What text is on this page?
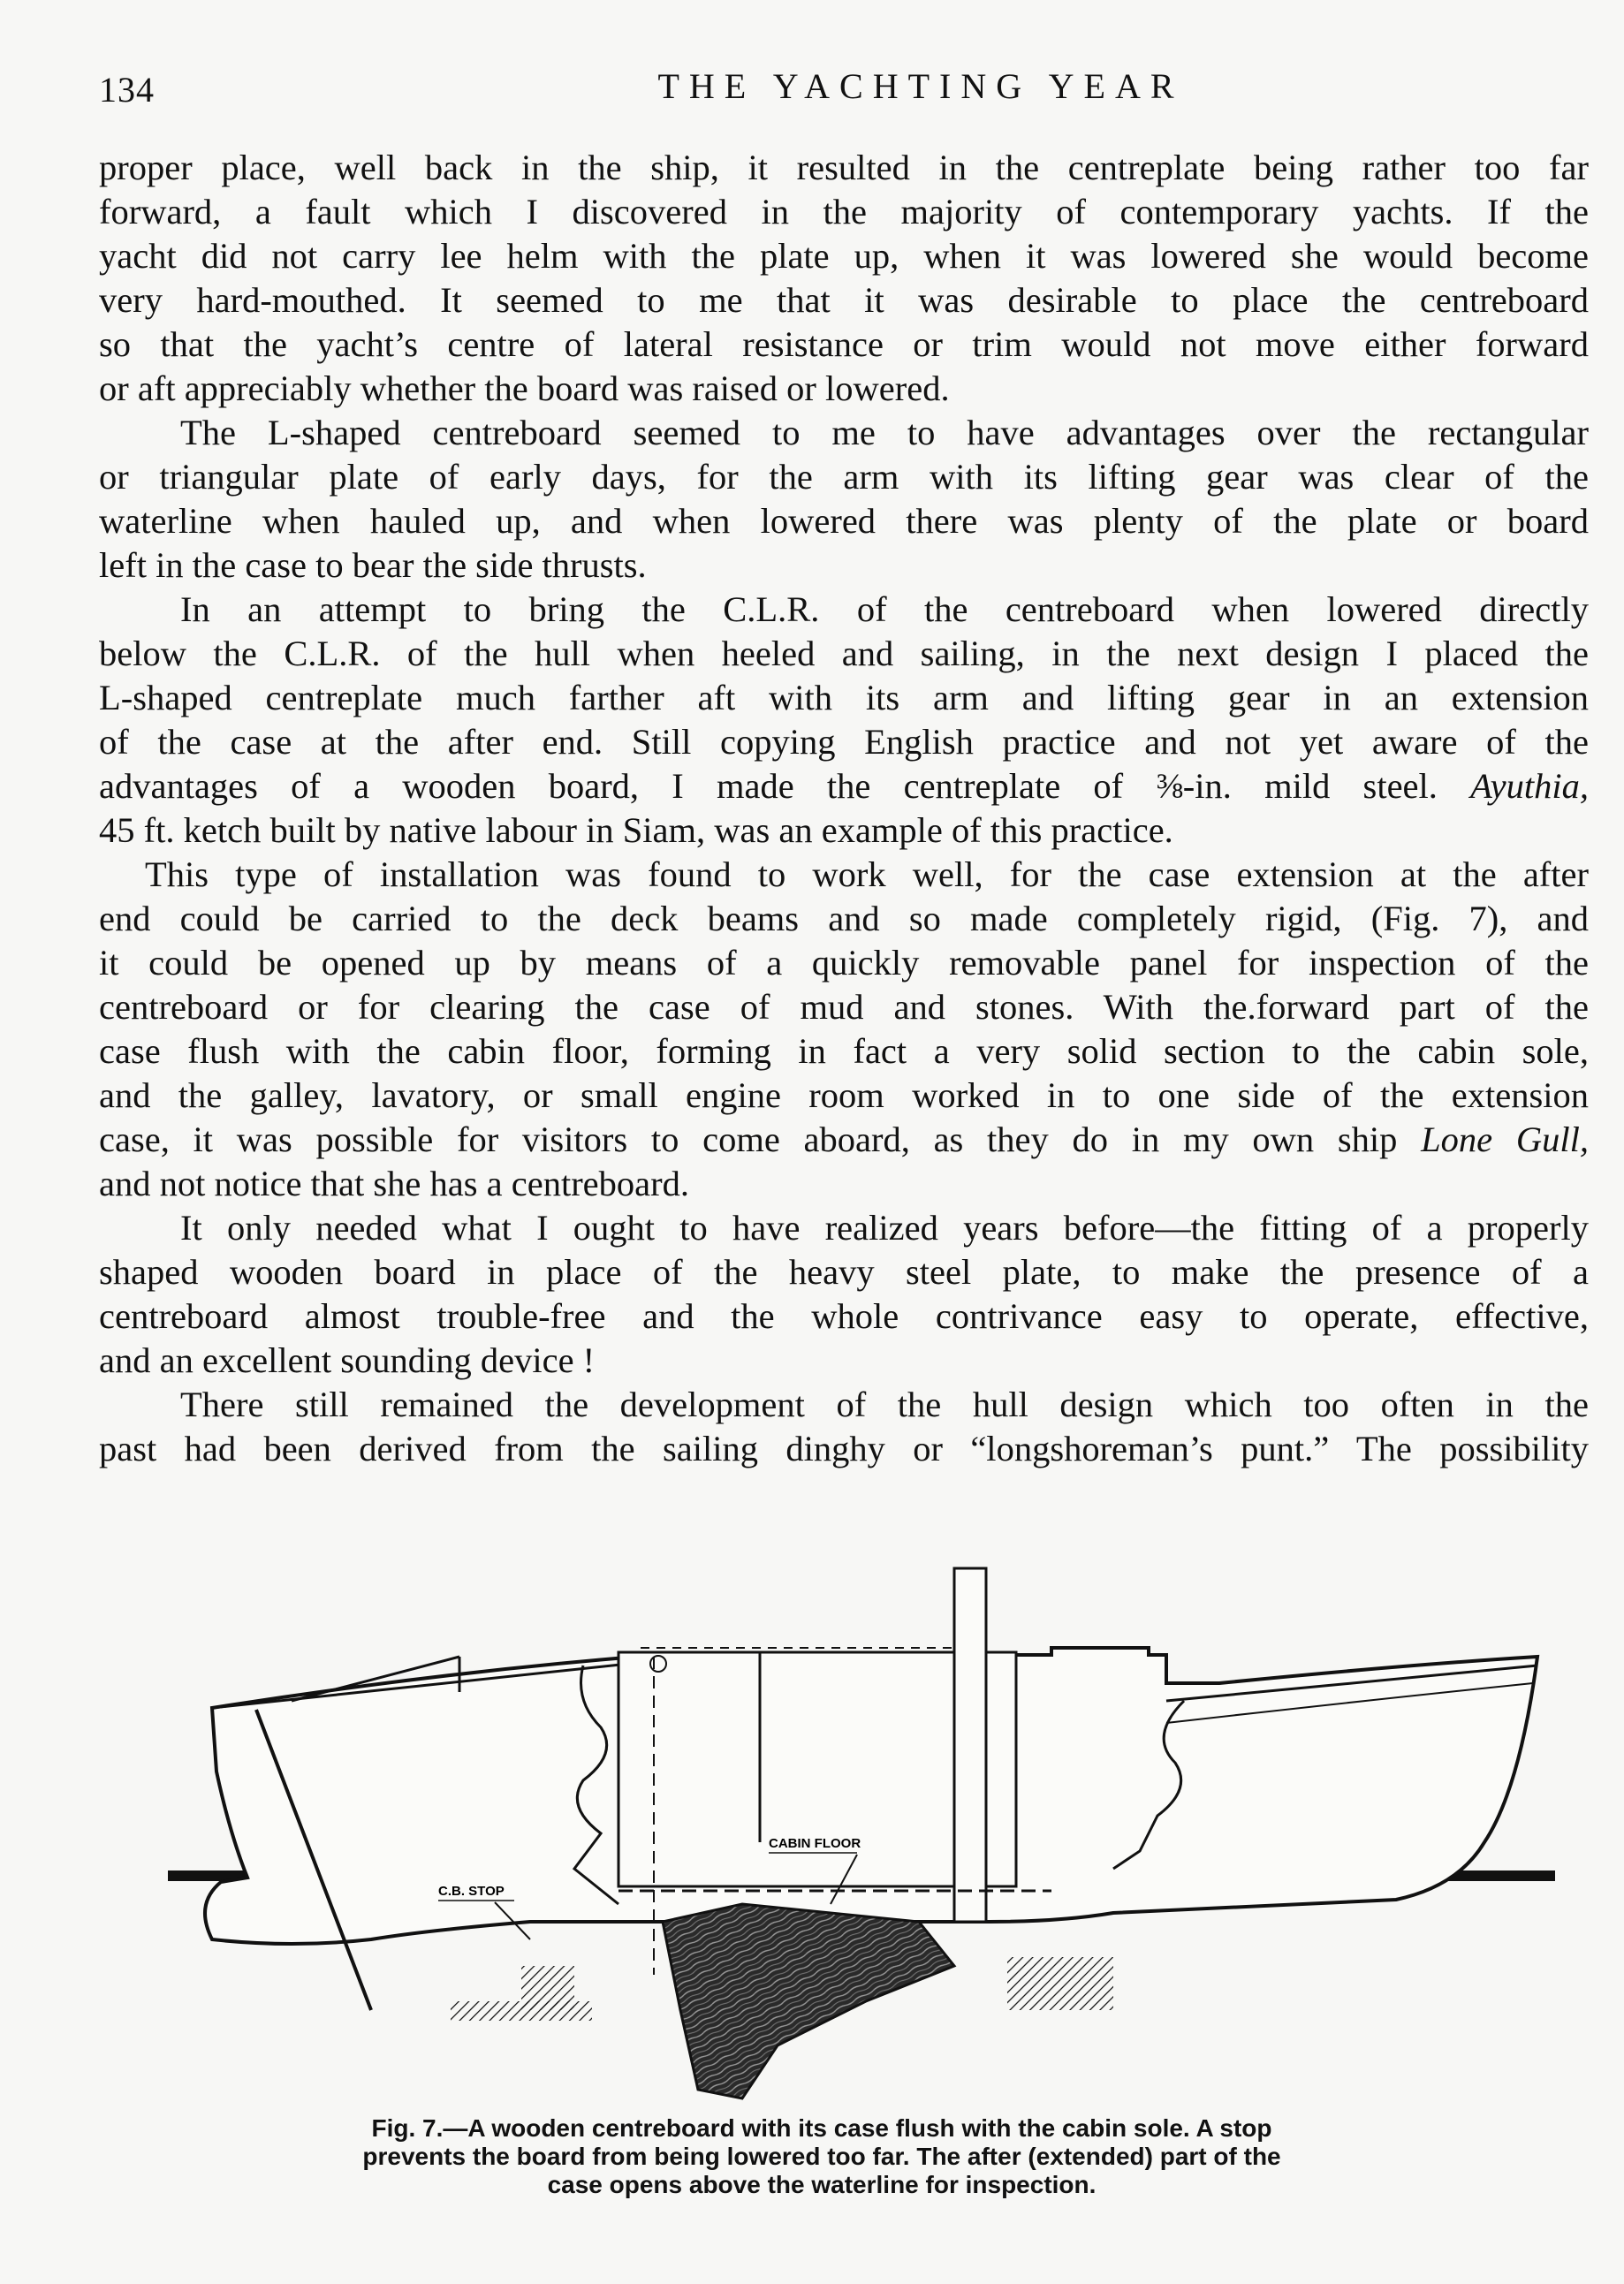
134	THE YACHTING YEAR
proper place, well back in the ship, it resulted in the centreplate being rather too far
forward, a fault which I discovered in the majority of contemporary yachts. If the
yacht did not carry lee helm with the plate up, when it was lowered she would become
very hard-mouthed. It seemed to me that it was desirable to place the centreboard
so that the yacht’s centre of lateral resistance or trim would not move either forward
or aft appreciably whether the board was raised or lowered.
The L-shaped centreboard seemed to me to have advantages over the rectangular
or triangular plate of early days, for the arm with its lifting gear was clear of the
waterline when hauled up, and when lowered there was plenty of the plate or board
left in the case to bear the side thrusts.
In an attempt to bring the C.L.R. of the centreboard when lowered directly
below the C.L.R. of the hull when heeled and sailing, in the next design I placed the
L-shaped centreplate much farther aft with its arm and lifting gear in an extension
of the case at the after end. Still copying English practice and not yet aware of the
advantages of a wooden board, I made the centreplate of ⅜-in. mild steel. Ayuthia,
45 ft. ketch built by native labour in Siam, was an example of this practice.
This type of installation was found to work well, for the case extension at the after
end could be carried to the deck beams and so made completely rigid, (Fig. 7), and
it could be opened up by means of a quickly removable panel for inspection of the
centreboard or for clearing the case of mud and stones. With the.forward part of the
case flush with the cabin floor, forming in fact a very solid section to the cabin sole,
and the galley, lavatory, or small engine room worked in to one side of the extension
case, it was possible for visitors to come aboard, as they do in my own ship Lone Gull,
and not notice that she has a centreboard.
It only needed what I ought to have realized years before—the fitting of a properly
shaped wooden board in place of the heavy steel plate, to make the presence of a
centreboard almost trouble-free and the whole contrivance easy to operate, effective,
and an excellent sounding device !
There still remained the development of the hull design which too often in the
past had been derived from the sailing dinghy or “longshoreman’s punt.” The possibility
C.B. STOP
CABIN FLOOR
Fig. 7.—A wooden centreboard with its case flush with the cabin sole. A stop
prevents the board from being lowered too far. The after (extended) part of the
case opens above the waterline for inspection.
